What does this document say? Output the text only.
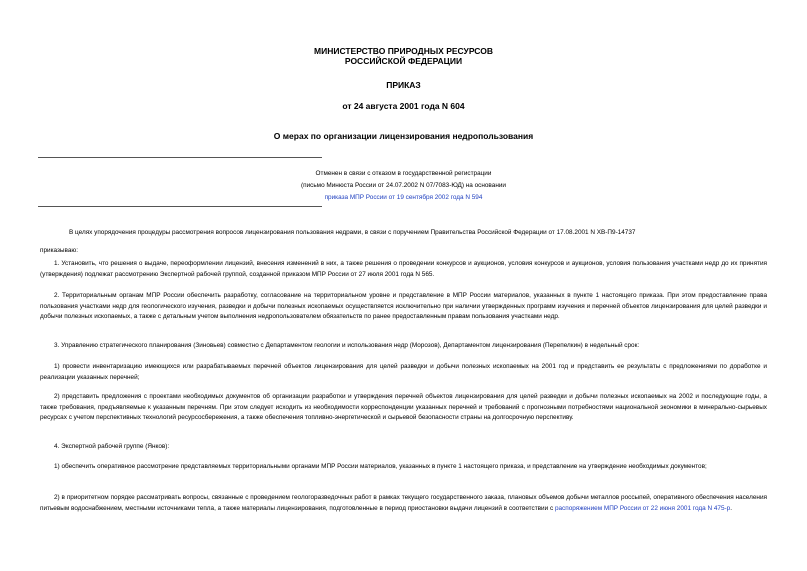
МИНИСТЕРСТВО ПРИРОДНЫХ РЕСУРСОВ
РОССИЙСКОЙ ФЕДЕРАЦИИ
ПРИКАЗ
от 24 августа 2001 года N 604
О мерах по организации лицензирования недропользования
Отменен в связи с отказом в государственной регистрации
(письмо Минюста России от 24.07.2002 N 07/7083-ЮД) на основании
приказа МПР России от 19 сентября 2002 года N 594
В целях упорядочения процедуры рассмотрения вопросов лицензирования пользования недрами, в связи с поручением Правительства Российской Федерации от 17.08.2001 N ХВ-П9-14737
приказываю:
1. Установить, что решения о выдаче, переоформлении лицензий, внесения изменений в них, а также решения о проведении конкурсов и аукционов, условия конкурсов и аукционов, условия пользования участками недр до их принятия (утверждения) подлежат рассмотрению Экспертной рабочей группой, созданной приказом МПР России от 27 июля 2001 года N 565.
2. Территориальным органам МПР России обеспечить разработку, согласование на территориальном уровне и представление в МПР России материалов, указанных в пункте 1 настоящего приказа. При этом предоставление права пользования участками недр для геологического изучения, разведки и добычи полезных ископаемых осуществляется исключительно при наличии утвержденных программ изучения и перечней объектов лицензирования для целей разведки и добычи полезных ископаемых, а также с детальным учетом выполнения недропользователем обязательств по ранее предоставленным правам пользования участками недр.
3. Управлению стратегического планирования (Зиновьев) совместно с Департаментом геологии и использования недр (Морозов), Департаментом лицензирования (Перепелкин) в недельный срок:
1) провести инвентаризацию имеющихся или разрабатываемых перечней объектов лицензирования для целей разведки и добычи полезных ископаемых на 2001 год и представить ее результаты с предложениями по доработке и реализации указанных перечней;
2) представить предложения с проектами необходимых документов об организации разработки и утверждения перечней объектов лицензирования для целей разведки и добычи полезных ископаемых на 2002 и последующие годы, а также требования, предъявляемые к указанным перечням. При этом следует исходить из необходимости корреспонденции указанных перечней и требований с прогнозными потребностями национальной экономики в минерально-сырьевых ресурсах с учетом перспективных технологий ресурсосбережения, а также обеспечения топливно-энергетической и сырьевой безопасности страны на долгосрочную перспективу.
4. Экспертной рабочей группе (Янков):
1) обеспечить оперативное рассмотрение представляемых территориальными органами МПР России материалов, указанных в пункте 1 настоящего приказа, и представление на утверждение необходимых документов;
2) в приоритетном порядке рассматривать вопросы, связанные с проведением геологоразведочных работ в рамках текущего государственного заказа, плановых объемов добычи металлов россыпей, оперативного обеспечения населения питьевым водоснабжением, местными источниками тепла, а также материалы лицензирования, подготовленные в период приостановки выдачи лицензий в соответствии с распоряжением МПР России от 22 июня 2001 года N 475-р.
